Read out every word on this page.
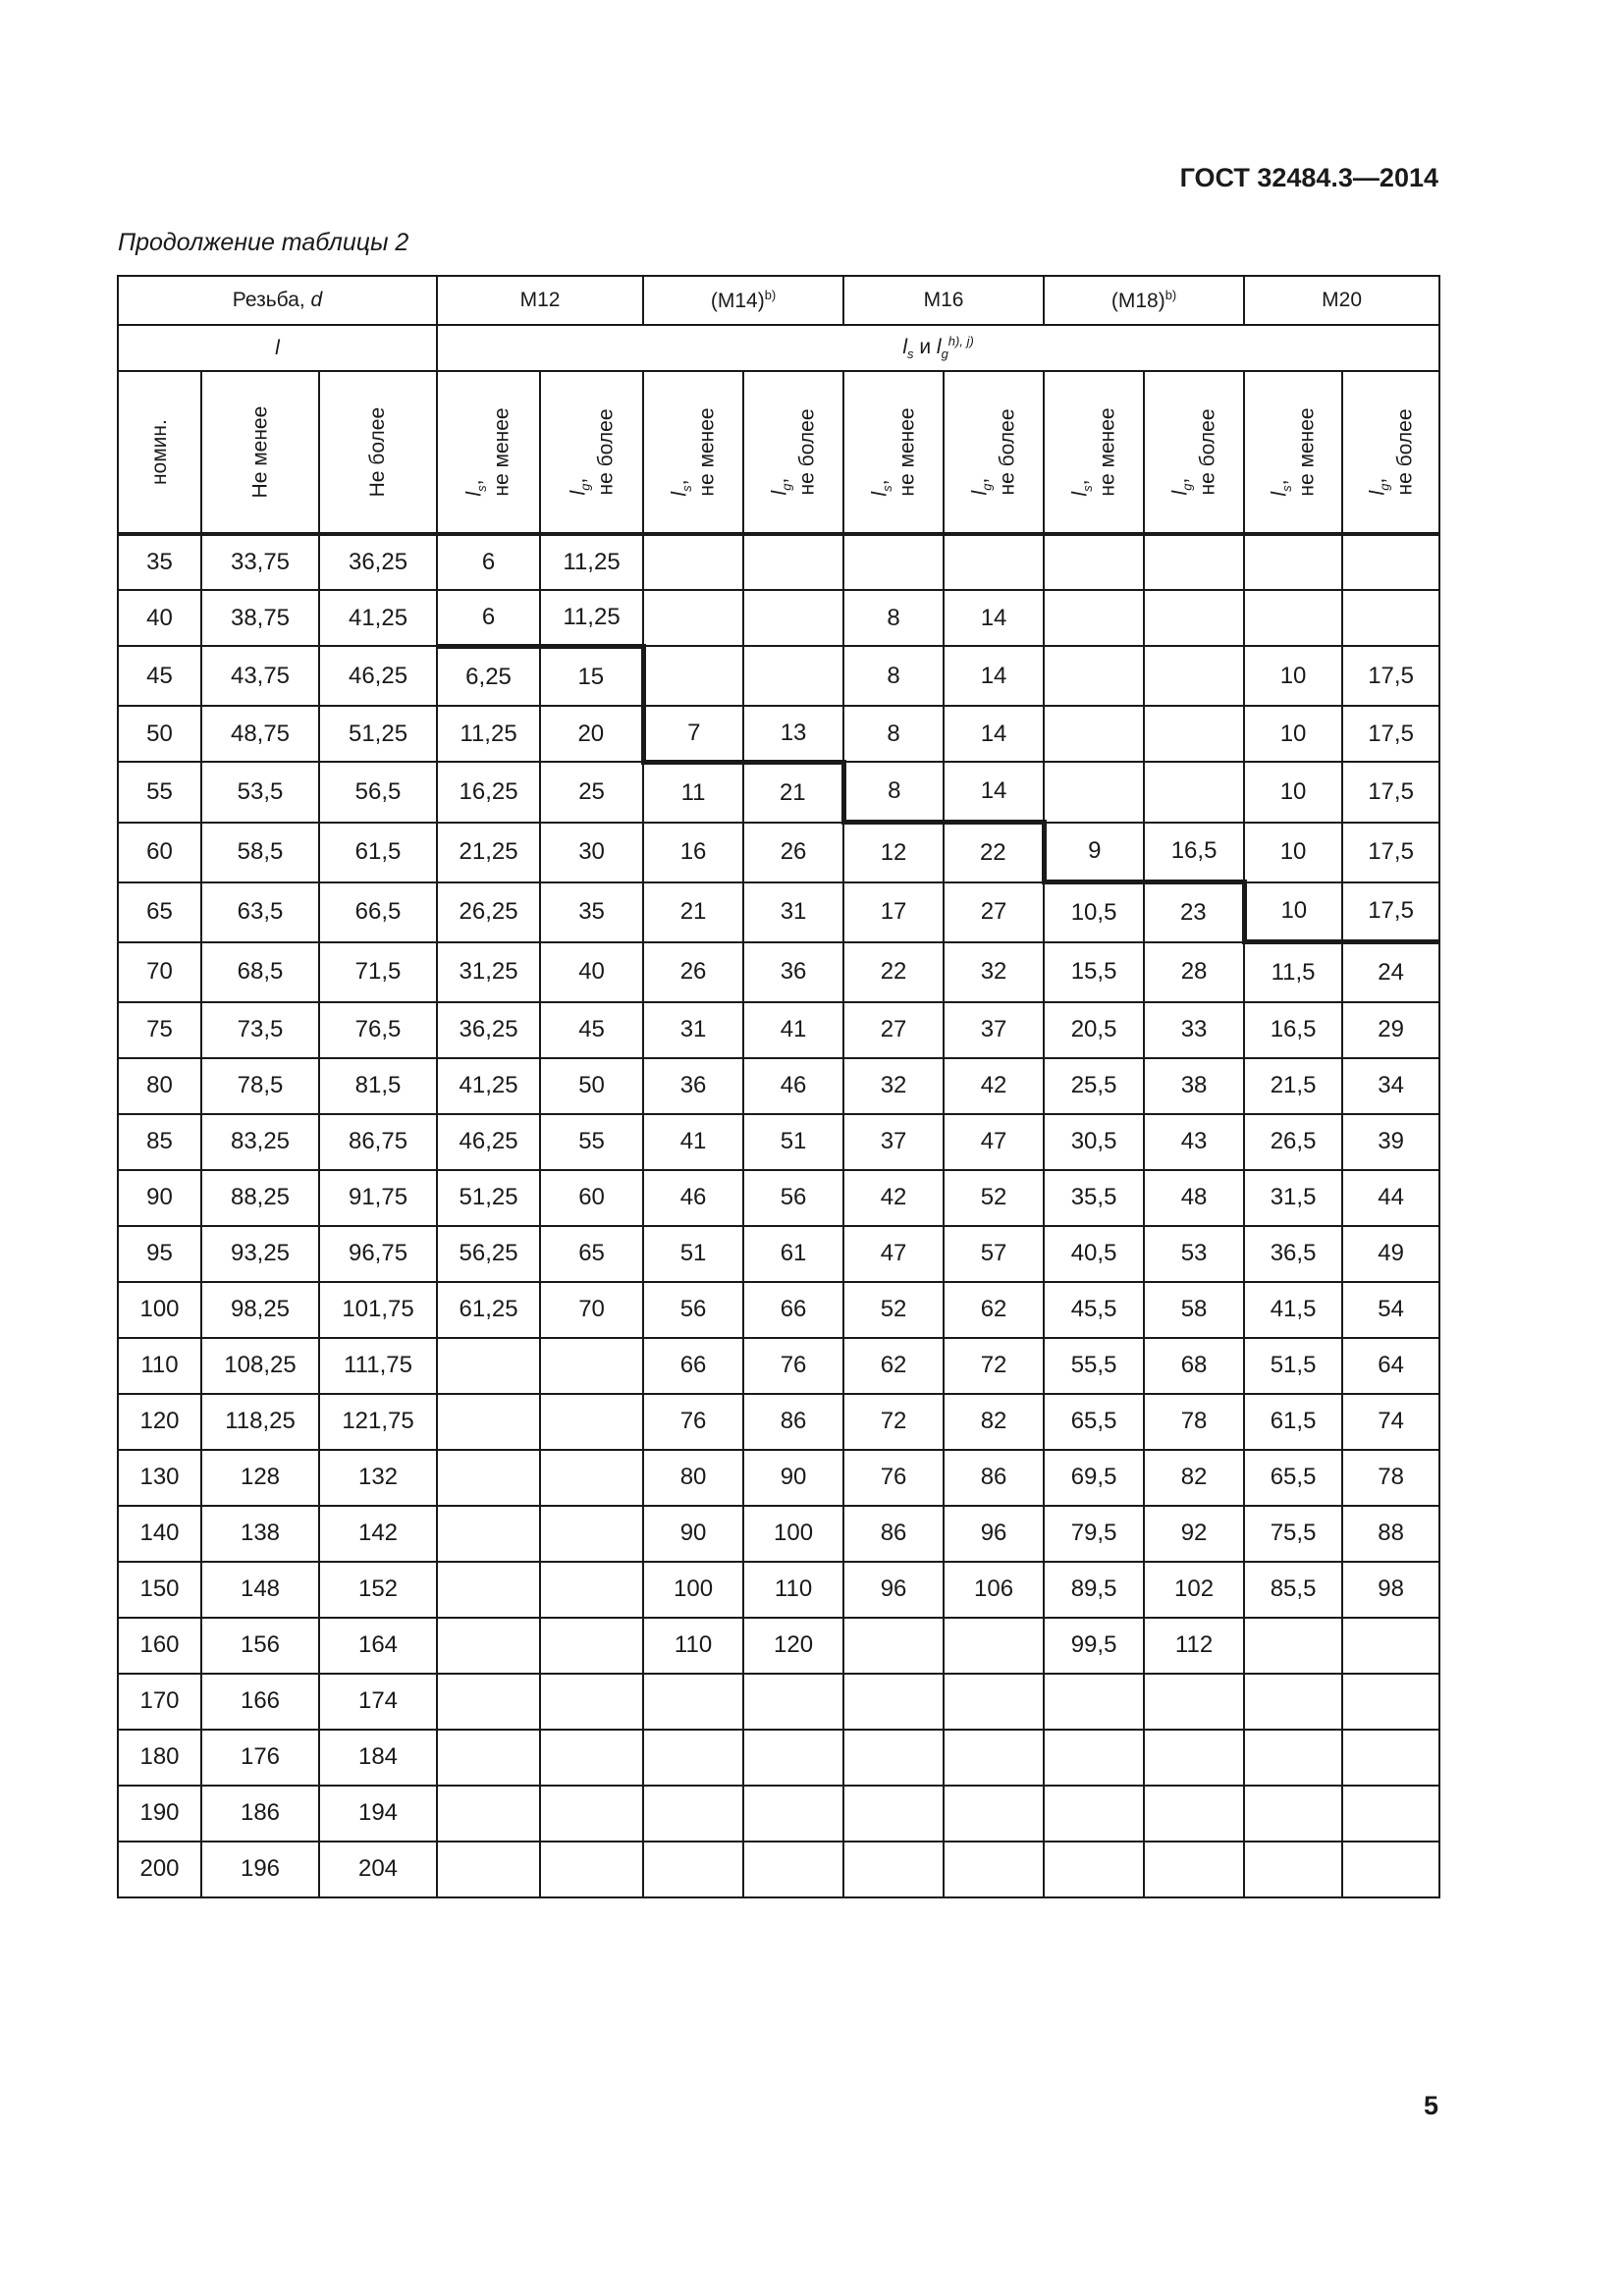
ГОСТ 32484.3—2014
Продолжение таблицы 2
Резьба, d			M12		$(M14)^{b)}$		M16		$(M18)^{b)}$		M20	
l			$l_s$ и $l_g^{h), j)}$
номин.	Не менее	Не более	$l_s$, не менее	$l_g$, не более	$l_s$, не менее	$l_g$, не более	$l_s$, не менее	$l_g$, не более	$l_s$, не менее	$l_g$, не более	$l_s$, не менее	$l_g$, не более
35	33,75	36,25	6	11,25								
40	38,75	41,25	6	11,25			8	14				
45	43,75	46,25	6,25	15			8	14			10	17,5
50	48,75	51,25	11,25	20	7	13	8	14			10	17,5
55	53,5	56,5	16,25	25	11	21	8	14			10	17,5
60	58,5	61,5	21,25	30	16	26	12	22	9	16,5	10	17,5
65	63,5	66,5	26,25	35	21	31	17	27	10,5	23	10	17,5
70	68,5	71,5	31,25	40	26	36	22	32	15,5	28	11,5	24
75	73,5	76,5	36,25	45	31	41	27	37	20,5	33	16,5	29
80	78,5	81,5	41,25	50	36	46	32	42	25,5	38	21,5	34
85	83,25	86,75	46,25	55	41	51	37	47	30,5	43	26,5	39
90	88,25	91,75	51,25	60	46	56	42	52	35,5	48	31,5	44
95	93,25	96,75	56,25	65	51	61	47	57	40,5	53	36,5	49
100	98,25	101,75	61,25	70	56	66	52	62	45,5	58	41,5	54
110	108,25	111,75			66	76	62	72	55,5	68	51,5	64
120	118,25	121,75			76	86	72	82	65,5	78	61,5	74
130	128	132			80	90	76	86	69,5	82	65,5	78
140	138	142			90	100	86	96	79,5	92	75,5	88
150	148	152			100	110	96	106	89,5	102	85,5	98
160	156	164			110	120			99,5	112		
170	166	174										
180	176	184										
190	186	194										
200	196	204										
5
